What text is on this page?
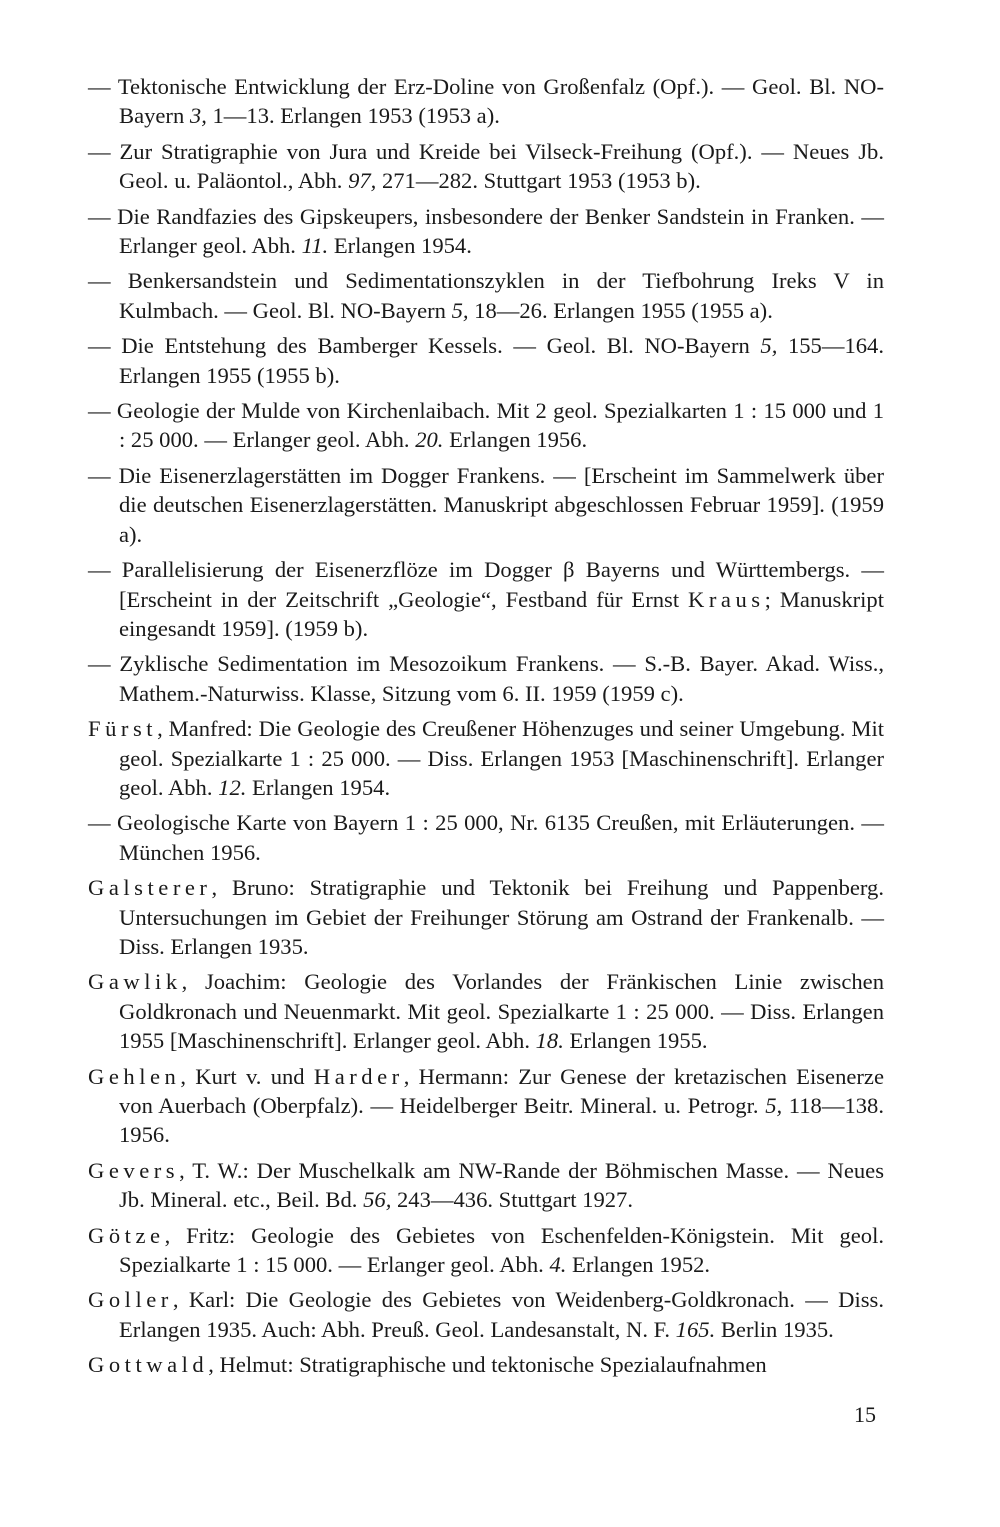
— Tektonische Entwicklung der Erz-Doline von Großenfalz (Opf.). — Geol. Bl. NO-Bayern 3, 1—13. Erlangen 1953 (1953 a).

— Zur Stratigraphie von Jura und Kreide bei Vilseck-Freihung (Opf.). — Neues Jb. Geol. u. Paläontol., Abh. 97, 271—282. Stuttgart 1953 (1953 b).

— Die Randfazies des Gipskeupers, insbesondere der Benker Sandstein in Franken. — Erlanger geol. Abh. 11. Erlangen 1954.

— Benkersandstein und Sedimentationszyklen in der Tiefbohrung Ireks V in Kulmbach. — Geol. Bl. NO-Bayern 5, 18—26. Erlangen 1955 (1955 a).

— Die Entstehung des Bamberger Kessels. — Geol. Bl. NO-Bayern 5, 155—164. Erlangen 1955 (1955 b).

— Geologie der Mulde von Kirchenlaibach. Mit 2 geol. Spezialkarten 1 : 15 000 und 1 : 25 000. — Erlanger geol. Abh. 20. Erlangen 1956.

— Die Eisenerzlagerstätten im Dogger Frankens. — [Erscheint im Sammelwerk über die deutschen Eisenerzlagerstätten. Manuskript abgeschlossen Februar 1959]. (1959 a).

— Parallelisierung der Eisenerzflöze im Dogger β Bayerns und Württembergs. — [Erscheint in der Zeitschrift „Geologie“, Festband für Ernst Kraus; Manuskript eingesandt 1959]. (1959 b).

— Zyklische Sedimentation im Mesozoikum Frankens. — S.-B. Bayer. Akad. Wiss., Mathem.-Naturwiss. Klasse, Sitzung vom 6. II. 1959 (1959 c).

Fürst, Manfred: Die Geologie des Creußener Höhenzuges und seiner Umgebung. Mit geol. Spezialkarte 1 : 25 000. — Diss. Erlangen 1953 [Maschinenschrift]. Erlanger geol. Abh. 12. Erlangen 1954.

— Geologische Karte von Bayern 1 : 25 000, Nr. 6135 Creußen, mit Erläuterungen. — München 1956.

Galsterer, Bruno: Stratigraphie und Tektonik bei Freihung und Pappenberg. Untersuchungen im Gebiet der Freihunger Störung am Ostrand der Frankenalb. — Diss. Erlangen 1935.

Gawlik, Joachim: Geologie des Vorlandes der Fränkischen Linie zwischen Goldkronach und Neuenmarkt. Mit geol. Spezialkarte 1 : 25 000. — Diss. Erlangen 1955 [Maschinenschrift]. Erlanger geol. Abh. 18. Erlangen 1955.

Gehlen, Kurt v. und Harder, Hermann: Zur Genese der kretazischen Eisenerze von Auerbach (Oberpfalz). — Heidelberger Beitr. Mineral. u. Petrogr. 5, 118—138. 1956.

Gevers, T. W.: Der Muschelkalk am NW-Rande der Böhmischen Masse. — Neues Jb. Mineral. etc., Beil. Bd. 56, 243—436. Stuttgart 1927.

Götze, Fritz: Geologie des Gebietes von Eschenfelden-Königstein. Mit geol. Spezialkarte 1 : 15 000. — Erlanger geol. Abh. 4. Erlangen 1952.

Goller, Karl: Die Geologie des Gebietes von Weidenberg-Goldkronach. — Diss. Erlangen 1935. Auch: Abh. Preuß. Geol. Landesanstalt, N. F. 165. Berlin 1935.

Gottwald, Helmut: Stratigraphische und tektonische Spezialaufnahmen

15
